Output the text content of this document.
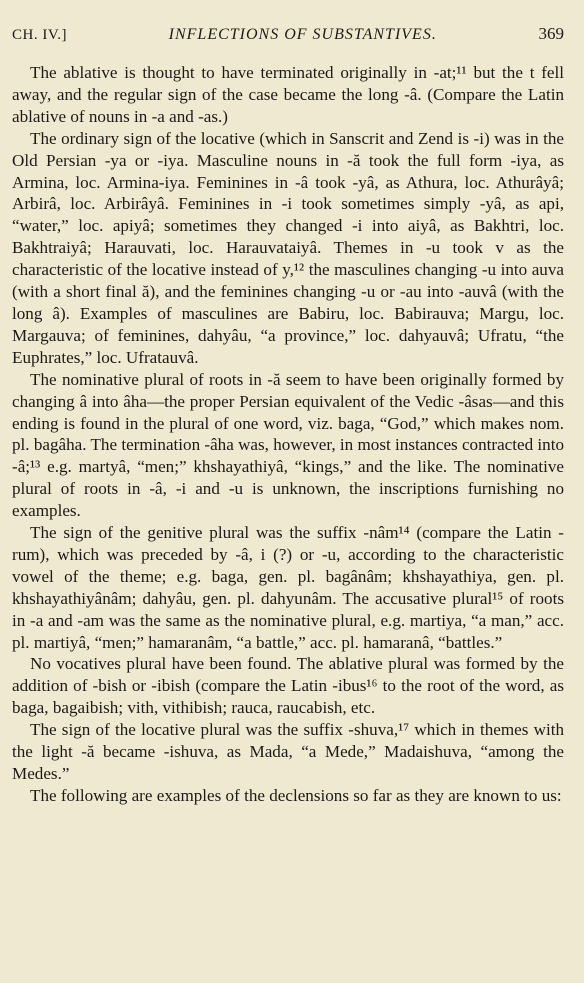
CH. IV.]	INFLECTIONS OF SUBSTANTIVES.	369

The ablative is thought to have terminated originally in -at;¹¹ but the t fell away, and the regular sign of the case became the long -â. (Compare the Latin ablative of nouns in -a and -as.)

The ordinary sign of the locative (which in Sanscrit and Zend is -i) was in the Old Persian -ya or -iya. Masculine nouns in -ă took the full form -iya, as Armina, loc. Armina-iya. Feminines in -â took -yâ, as Athura, loc. Athurâyâ; Arbirâ, loc. Arbirâyâ. Feminines in -i took sometimes simply -yâ, as api, “water,” loc. apiyâ; sometimes they changed -i into aiyâ, as Bakhtri, loc. Bakhtraiyâ; Harauvati, loc. Harauvataiyâ. Themes in -u took v as the characteristic of the locative instead of y,¹² the masculines changing -u into auva (with a short final ă), and the feminines changing -u or -au into -auvâ (with the long â). Examples of masculines are Babiru, loc. Babirauva; Margu, loc. Margauva; of feminines, dahyâu, “a province,” loc. dahyauvâ; Ufratu, “the Euphrates,” loc. Ufratauvâ.

The nominative plural of roots in -ă seem to have been originally formed by changing â into âha—the proper Persian equivalent of the Vedic -âsas—and this ending is found in the plural of one word, viz. baga, “God,” which makes nom. pl. bagâha. The termination -âha was, however, in most instances contracted into -â;¹³ e.g. martyâ, “men;” khshayathiyâ, “kings,” and the like. The nominative plural of roots in -â, -i and -u is unknown, the inscriptions furnishing no examples.

The sign of the genitive plural was the suffix -nâm¹⁴ (compare the Latin -rum), which was preceded by -â, i (?) or -u, according to the characteristic vowel of the theme; e.g. baga, gen. pl. bagânâm; khshayathiya, gen. pl. khshayathiyânâm; dahyâu, gen. pl. dahyunâm. The accusative plural¹⁵ of roots in -a and -am was the same as the nominative plural, e.g. martiya, “a man,” acc. pl. martiyâ, “men;” hamaranâm, “a battle,” acc. pl. hamaranâ, “battles.”

No vocatives plural have been found. The ablative plural was formed by the addition of -bish or -ibish (compare the Latin -ibus¹⁶ to the root of the word, as baga, bagaibish; vith, vithibish; rauca, raucabish, etc.

The sign of the locative plural was the suffix -shuva,¹⁷ which in themes with the light -ă became -ishuva, as Mada, “a Mede,” Madaishuva, “among the Medes.”

The following are examples of the declensions so far as they are known to us:
